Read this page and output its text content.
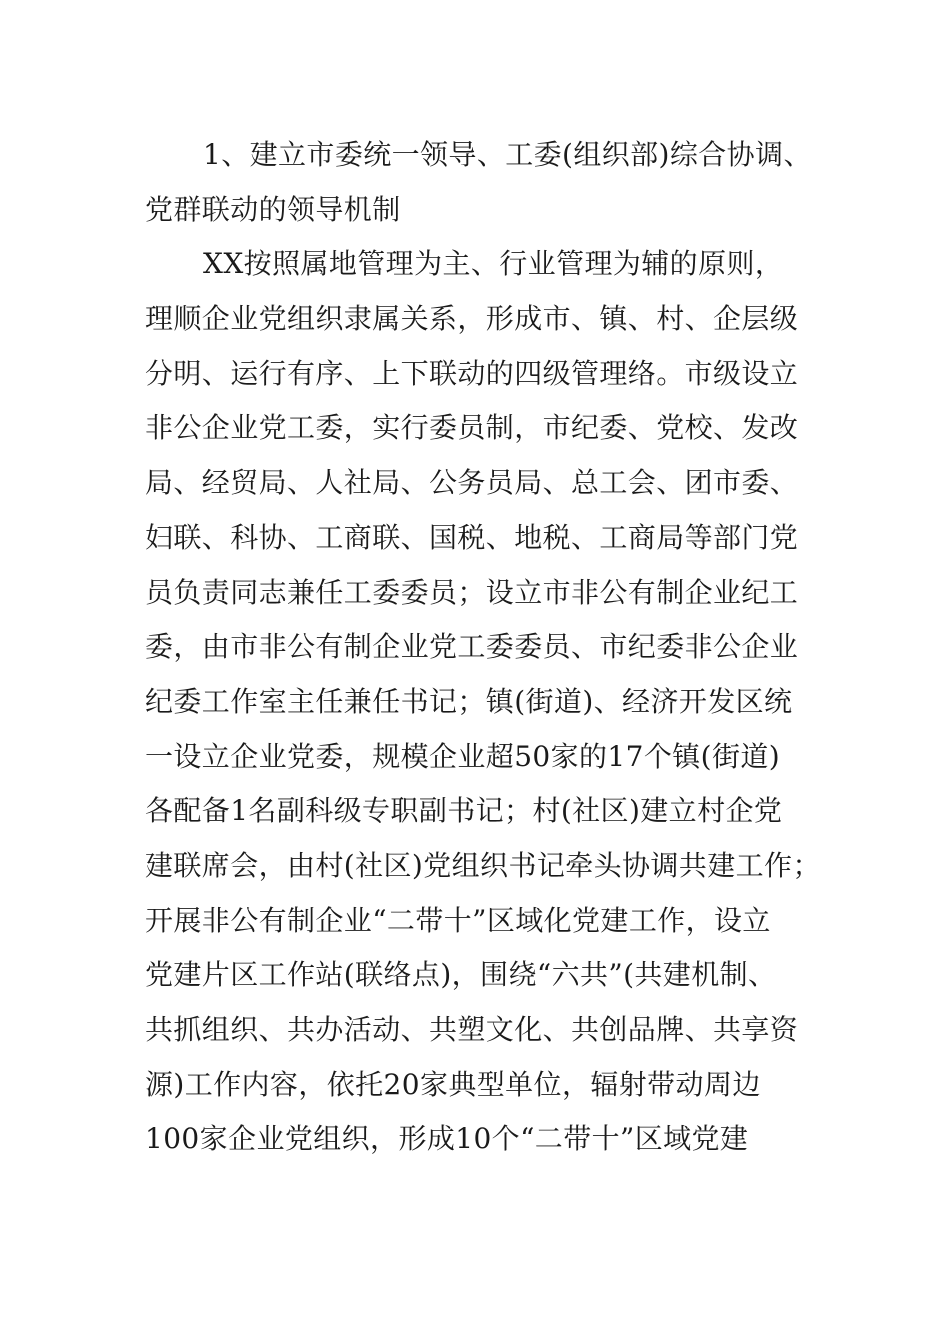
1、建立市委统一领导、工委(组织部)综合协调、
党群联动的领导机制
XX按照属地管理为主、行业管理为辅的原则，
理顺企业党组织隶属关系，形成市、镇、村、企层级
分明、运行有序、上下联动的四级管理络。市级设立
非公企业党工委，实行委员制，市纪委、党校、发改
局、经贸局、人社局、公务员局、总工会、团市委、
妇联、科协、工商联、国税、地税、工商局等部门党
员负责同志兼任工委委员；设立市非公有制企业纪工
委，由市非公有制企业党工委委员、市纪委非公企业
纪委工作室主任兼任书记；镇(街道)、经济开发区统
一设立企业党委，规模企业超50家的17个镇(街道)
各配备1名副科级专职副书记；村(社区)建立村企党
建联席会，由村(社区)党组织书记牵头协调共建工作；
开展非公有制企业“二带十”区域化党建工作，设立
党建片区工作站(联络点)，围绕“六共”(共建机制、
共抓组织、共办活动、共塑文化、共创品牌、共享资
源)工作内容，依托20家典型单位，辐射带动周边
100家企业党组织，形成10个“二带十”区域党建
